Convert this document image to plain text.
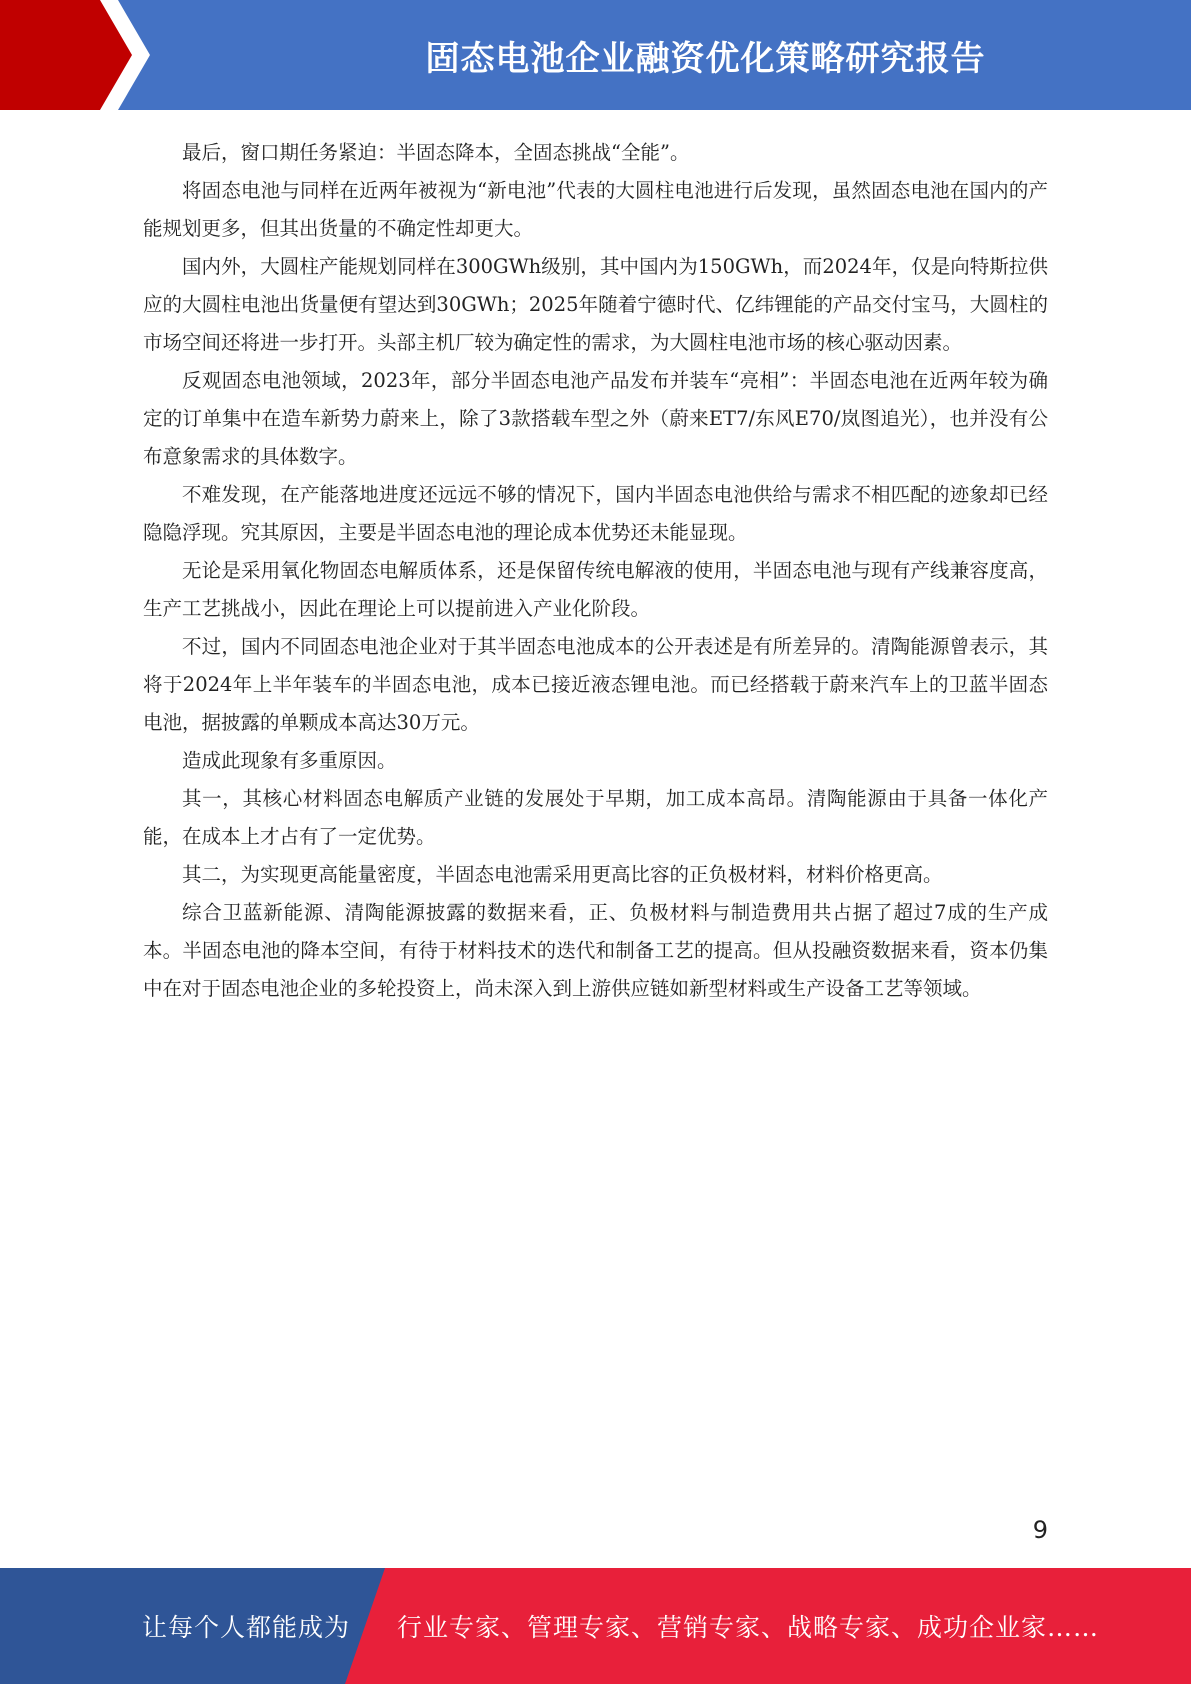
固态电池企业融资优化策略研究报告

最后，窗口期任务紧迫：半固态降本，全固态挑战“全能”。

将固态电池与同样在近两年被视为“新电池”代表的大圆柱电池进行后发现，虽然固态电池在国内的产能规划更多，但其出货量的不确定性却更大。

国内外，大圆柱产能规划同样在300GWh级别，其中国内为150GWh，而2024年，仅是向特斯拉供应的大圆柱电池出货量便有望达到30GWh；2025年随着宁德时代、亿纬锂能的产品交付宝马，大圆柱的市场空间还将进一步打开。头部主机厂较为确定性的需求，为大圆柱电池市场的核心驱动因素。

反观固态电池领域，2023年，部分半固态电池产品发布并装车“亮相”：半固态电池在近两年较为确定的订单集中在造车新势力蔚来上，除了3款搭载车型之外（蔚来ET7/东风E70/岚图追光），也并没有公布意象需求的具体数字。

不难发现，在产能落地进度还远远不够的情况下，国内半固态电池供给与需求不相匹配的迹象却已经隐隐浮现。究其原因，主要是半固态电池的理论成本优势还未能显现。

无论是采用氧化物固态电解质体系，还是保留传统电解液的使用，半固态电池与现有产线兼容度高，生产工艺挑战小，因此在理论上可以提前进入产业化阶段。

不过，国内不同固态电池企业对于其半固态电池成本的公开表述是有所差异的。清陶能源曾表示，其将于2024年上半年装车的半固态电池，成本已接近液态锂电池。而已经搭载于蔚来汽车上的卫蓝半固态电池，据披露的单颗成本高达30万元。

造成此现象有多重原因。

其一，其核心材料固态电解质产业链的发展处于早期，加工成本高昂。清陶能源由于具备一体化产能，在成本上才占有了一定优势。

其二，为实现更高能量密度，半固态电池需采用更高比容的正负极材料，材料价格更高。

综合卫蓝新能源、清陶能源披露的数据来看，正、负极材料与制造费用共占据了超过7成的生产成本。半固态电池的降本空间，有待于材料技术的迭代和制备工艺的提高。但从投融资数据来看，资本仍集中在对于固态电池企业的多轮投资上，尚未深入到上游供应链如新型材料或生产设备工艺等领域。

9
让每个人都能成为 行业专家、管理专家、营销专家、战略专家、成功企业家……
